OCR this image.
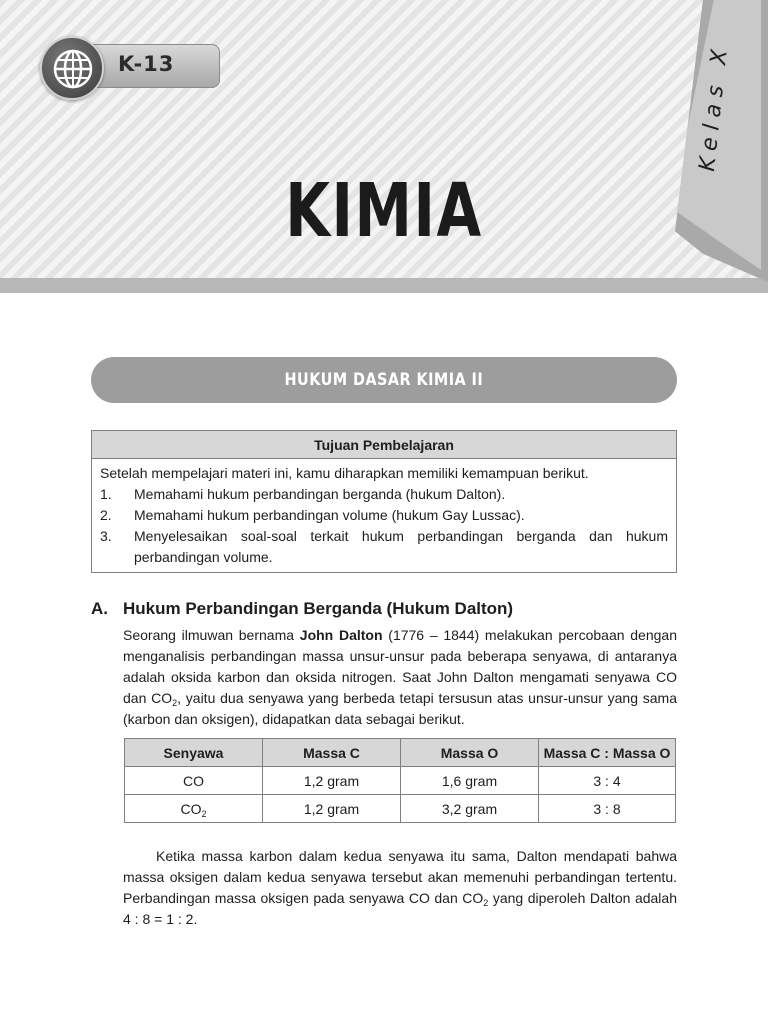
Kelas X
K-13
KIMIA
HUKUM DASAR KIMIA II
Tujuan Pembelajaran
Setelah mempelajari materi ini, kamu diharapkan memiliki kemampuan berikut.
1.	Memahami hukum perbandingan berganda (hukum Dalton).
2.	Memahami hukum perbandingan volume (hukum Gay Lussac).
3.	Menyelesaikan soal-soal terkait hukum perbandingan berganda dan hukum perbandingan volume.
A. Hukum Perbandingan Berganda (Hukum Dalton)
Seorang ilmuwan bernama John Dalton (1776 – 1844) melakukan percobaan dengan menganalisis perbandingan massa unsur-unsur pada beberapa senyawa, di antaranya adalah oksida karbon dan oksida nitrogen. Saat John Dalton mengamati senyawa CO dan $CO_2$, yaitu dua senyawa yang berbeda tetapi tersusun atas unsur-unsur yang sama (karbon dan oksigen), didapatkan data sebagai berikut.
Senyawa	Massa C	Massa O	Massa C : Massa O
CO	1,2 gram	1,6 gram	3 : 4
$CO_2$	1,2 gram	3,2 gram	3 : 8
Ketika massa karbon dalam kedua senyawa itu sama, Dalton mendapati bahwa massa oksigen dalam kedua senyawa tersebut akan memenuhi perbandingan tertentu. Perbandingan massa oksigen pada senyawa CO dan $CO_2$ yang diperoleh Dalton adalah 4 : 8 = 1 : 2.
